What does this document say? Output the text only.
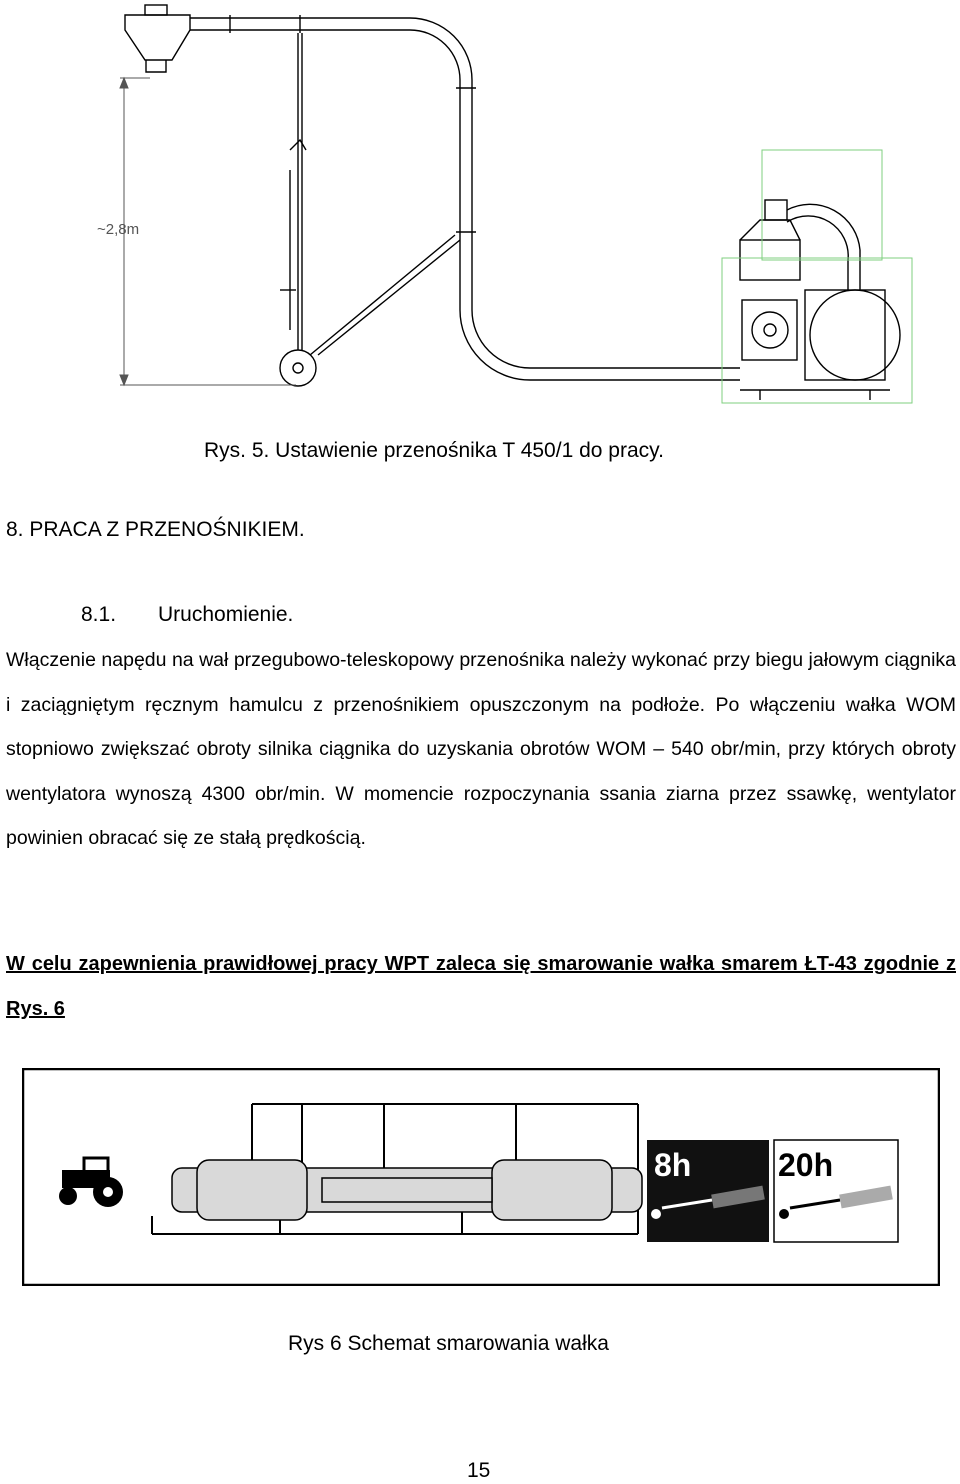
~2,8m
Rys. 5. Ustawienie przenośnika T 450/1 do pracy.
8. PRACA Z PRZENOŚNIKIEM.
8.1. Uruchomienie.
Włączenie napędu na wał przegubowo-teleskopowy przenośnika należy wykonać przy biegu jałowym ciągnika i zaciągniętym ręcznym hamulcu z przenośnikiem opuszczonym na podłoże. Po włączeniu wałka WOM stopniowo zwiększać obroty silnika ciągnika do uzyskania obrotów WOM – 540 obr/min, przy których obroty wentylatora wynoszą 4300 obr/min. W momencie rozpoczynania ssania ziarna przez ssawkę, wentylator powinien obracać się ze stałą prędkością.
W celu zapewnienia prawidłowej pracy WPT zaleca się smarowanie wałka smarem ŁT-43 zgodnie z Rys. 6
8h	20h
Rys 6 Schemat smarowania wałka
15
